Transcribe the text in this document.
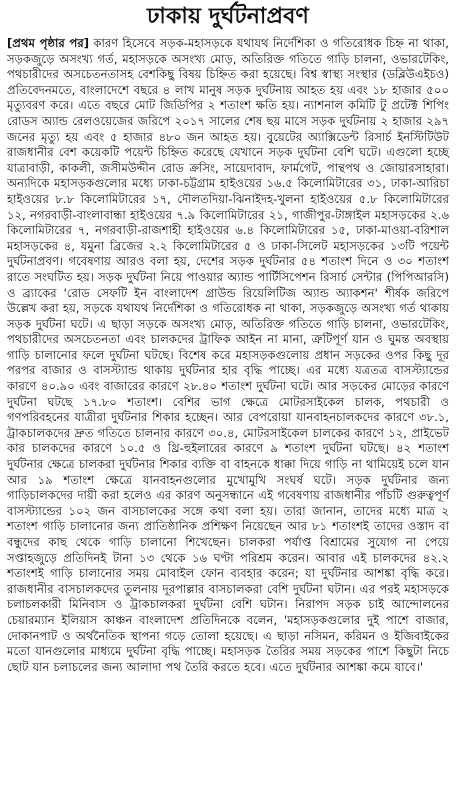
ঢাকায় দুর্ঘটনাপ্রবণ

[প্রথম পৃষ্ঠার পর] কারণ হিসেবে সড়ক-মহাসড়কে যথাযথ নির্দেশিকা ও গতিরোধক চিহ্ন না থাকা, সড়কজুড়ে অসংখ্য গর্ত, মহাসড়কে অসংখ্য মোড়, অতিরিক্ত গতিতে গাড়ি চালনা, ওভারটেকিং, পথচারীদের অসচেতনতাসহ বেশকিছু বিষয় চিহ্নিত করা হয়েছে। বিশ্ব স্বাস্থ্য সংস্থার (ডব্লিউএইচও) প্রতিবেদনমতে, বাংলাদেশে বছরে ৪ লাখ মানুষ সড়ক দুর্ঘটনায় আহত হয় এবং ১৮ হাজার ৫০০ মৃত্যুবরণ করে। এতে বছরে মোট জিডিপির ২ শতাংশ ক্ষতি হয়। ন্যাশনাল কমিটি টু প্রটেক্ট শিপিং রোডস অ্যান্ড রেলওয়েজের জরিপে ২০১৭ সালের শেষ ছয় মাসে সড়ক দুর্ঘটনায় ২ হাজার ২৯৭ জনের মৃত্যু হয় এবং ৫ হাজার ৪৮০ জন আহত হয়। বুয়েটের অ্যাক্সিডেন্ট রিসার্চ ইনস্টিটিউট রাজধানীর বেশ কয়েকটি পয়েন্ট চিহ্নিত করেছে যেখানে সড়ক দুর্ঘটনা বেশি ঘটে। এগুলো হচ্ছে যাত্রাবাড়ী, কাকলী, জসীমউদ্দীন রোড ক্রসিং, সায়েদাবাদ, ফার্মগেট, পান্থপথ ও জোয়ারসাহারা। অন্যদিকে মহাসড়কগুলোর মধ্যে ঢাকা-চট্টগ্রাম হাইওয়ের ১৬.৫ কিলোমিটারের ৩১, ঢাকা-আরিচা হাইওয়ের ৮.৮ কিলোমিটারের ১৭, দৌলতদিয়া-ঝিনাইদহ-খুলনা হাইওয়ের ৫.৮ কিলোমিটারের ১২, নগরবাড়ী-বাংলাবান্ধা হাইওয়ের ৭.৯ কিলোমিটারের ২১, গাজীপুর-টাঙ্গাইল মহাসড়কের ২.৬ কিলোমিটারের ৭, নগরবাড়ী-রাজশাহী হাইওয়ের ৬.৪ কিলোমিটারের ১৫, ঢাকা-মাওয়া-বরিশাল মহাসড়কের ৪, যমুনা ব্রিজের ২.২ কিলোমিটারের ৫ ও ঢাকা-সিলেট মহাসড়কের ১৩টি পয়েন্ট দুর্ঘটনাপ্রবণ। গবেষণায় আরও বলা হয়, দেশের সড়ক দুর্ঘটনার ৫৪ শতাংশ দিনে ও ৩০ শতাংশ রাতে সংঘটিত হয়। সড়ক দুর্ঘটনা নিয়ে পাওয়ার অ্যান্ড পার্টিসিপেশন রিসার্চ সেন্টার (পিপিআরসি) ও ব্র্যাকের 'রোড সেফটি ইন বাংলাদেশ গ্রাউন্ড রিয়েলিটিজ অ্যান্ড অ্যাকশন' শীর্ষক জরিপে উল্লেখ করা হয়, সড়কে যথাযথ নির্দেশিকা ও গতিরোধক না থাকা, সড়কজুড়ে অসংখ্য গর্ত থাকায় সড়ক দুর্ঘটনা ঘটে। এ ছাড়া সড়কে অসংখ্য মোড়, অতিরিক্ত গতিতে গাড়ি চালনা, ওভারটেকিং, পথচারীদের অসচেতনতা এবং চালকদের ট্রাফিক আইন না মানা, ত্রুটিপূর্ণ যান ও ঘুমন্ত অবস্থায় গাড়ি চালানোর ফলে দুর্ঘটনা ঘটছে। বিশেষ করে মহাসড়কগুলোয় প্রধান সড়কের ওপর কিছু দূর পরপর বাজার ও বাসস্ট্যান্ড থাকায় দুর্ঘটনার হার বৃদ্ধি পাচ্ছে। এর মধ্যে যত্রতত্র বাসস্ট্যান্ডের কারণে ৪০.৯০ এবং বাজারের কারণে ২৮.৪০ শতাংশ দুর্ঘটনা ঘটে। আর সড়কের মোড়ের কারণে দুর্ঘটনা ঘটছে ১৭.৮০ শতাংশ। বেশির ভাগ ক্ষেত্রে মোটরসাইকেল চালক, পথচারী ও গণপরিবহনের যাত্রীরা দুর্ঘটনার শিকার হচ্ছেন। আর বেপরোয়া যানবাহনচালকদের কারণে ৩৮.১, ট্রাকচালকদের দ্রুত গতিতে চালনার কারণে ৩০.৪, মোটরসাইকেল চালকের কারণে ১২, প্রাইভেট কার চালকদের কারণে ১০.৫ ও থ্রি-হুইলারের কারণে ৯ শতাংশ দুর্ঘটনা ঘটছে। ৪২ শতাংশ দুর্ঘটনার ক্ষেত্রে চালকরা দুর্ঘটনার শিকার ব্যক্তি বা বাহনকে ধাক্কা দিয়ে গাড়ি না থামিয়েই চলে যান আর ১৯ শতাংশ ক্ষেত্রে যানবাহনগুলোর মুখোমুখি সংঘর্ষ ঘটে। সড়ক দুর্ঘটনার জন্য গাড়িচালকদের দায়ী করা হলেও এর কারণ অনুসন্ধানে এই গবেষণায় রাজধানীর পাঁচটি গুরুত্বপূর্ণ বাসস্ট্যান্ডের ১০২ জন বাসচালকের সঙ্গে কথা বলা হয়। তারা জানান, তাদের মধ্যে মাত্র ২ শতাংশ গাড়ি চালানোর জন্য প্রাতিষ্ঠানিক প্রশিক্ষণ নিয়েছেন আর ৮১ শতাংশই তাদের ওস্তাদ বা বন্ধুদের কাছ থেকে গাড়ি চালানো শিখেছেন। চালকরা পর্যাপ্ত বিশ্রামের সুযোগ না পেয়ে সপ্তাহজুড়ে প্রতিদিনই টানা ১৩ থেকে ১৬ ঘণ্টা পরিশ্রম করেন। আবার এই চালকদের ৪২.২ শতাংশই গাড়ি চালানোর সময় মোবাইল ফোন ব্যবহার করেন; যা দুর্ঘটনার আশঙ্কা বৃদ্ধি করে। রাজধানীর বাসচালকদের তুলনায় দূরপাল্লার বাসচালকরা বেশি দুর্ঘটনা ঘটান। এর পরই মহাসড়কে চলাচলকারী মিনিবাস ও ট্রাকচালকরা দুর্ঘটনা বেশি ঘটান। নিরাপদ সড়ক চাই আন্দোলনের চেয়ারম্যান ইলিয়াস কাঞ্চন বাংলাদেশ প্রতিদিনকে বলেন, 'মহাসড়কগুলোর দুই পাশে বাজার, দোকানপাট ও অর্থনৈতিক স্থাপনা গড়ে তোলা হয়েছে। এ ছাড়া নসিমন, করিমন ও ইজিবাইকের মতো যানগুলোর মাধ্যমে দুর্ঘটনা বৃদ্ধি পাচ্ছে। মহাসড়ক তৈরির সময় সড়কের পাশে কিছুটা নিচে ছোট যান চলাচলের জন্য আলাদা পথ তৈরি করতে হবে। এতে দুর্ঘটনার আশঙ্কা কমে যাবে।'
